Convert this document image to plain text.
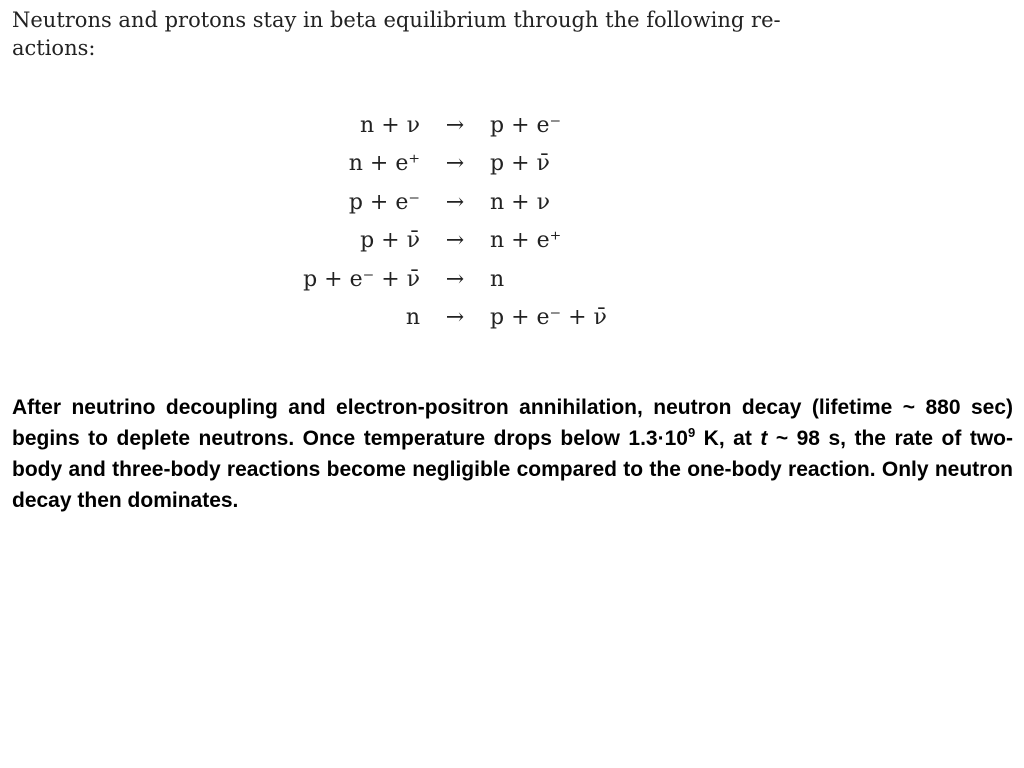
Neutrons and protons stay in beta equilibrium through the following re-
actions:
n + ν	→	p + e⁻
n + e⁺	→	p + ν̄
p + e⁻	→	n + ν
p + ν̄	→	n + e⁺
p + e⁻ + ν̄	→	n
n	→	p + e⁻ + ν̄

After neutrino decoupling and electron-positron annihilation, neutron decay (lifetime ~ 880 sec) begins to deplete neutrons. Once temperature drops below $1.3\cdot 10^9$ K, at t ~ 98 s, the rate of two-body and three-body reactions become negligible compared to the one-body reaction. Only neutron decay then dominates.
